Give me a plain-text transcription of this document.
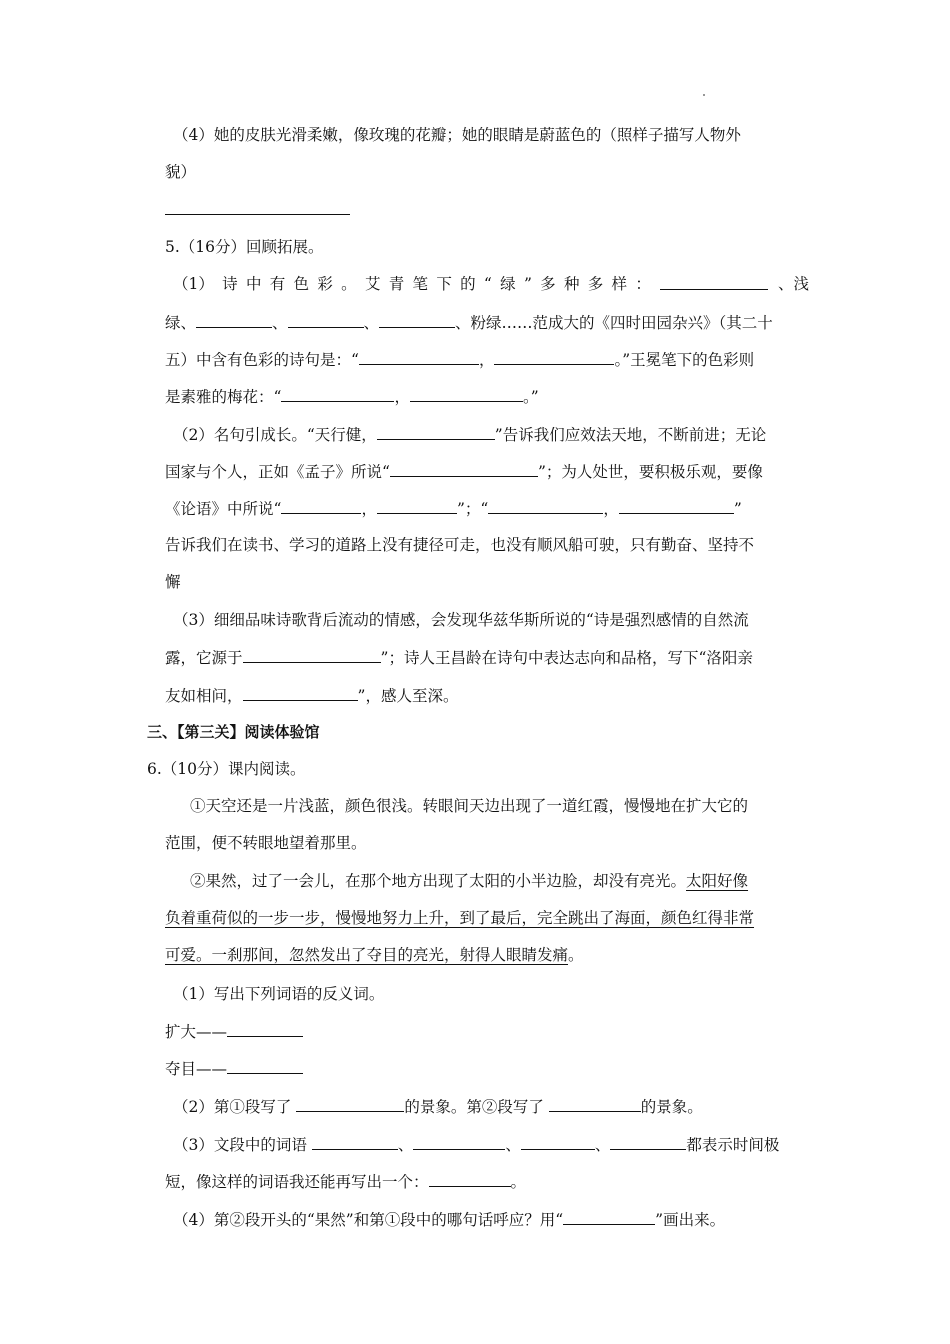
（4）她的皮肤光滑柔嫩，像玫瑰的花瓣；她的眼睛是蔚蓝色的（照样子描写人物外
貌）
5.（16分）回顾拓展。
（1） 诗 中 有 色 彩 。 艾 青 笔 下 的 “ 绿 ” 多 种 多 样 ：	、浅
绿、	、	、	、粉绿……范成大的《四时田园杂兴》（其二十
五）中含有色彩的诗句是：“	，	。”王冕笔下的色彩则
是素雅的梅花：“	，	。”
（2）名句引成长。“天行健，	”告诉我们应效法天地，不断前进；无论
国家与个人，正如《孟子》所说“	”；为人处世，要积极乐观，要像
《论语》中所说“	，	”；“	，	”
告诉我们在读书、学习的道路上没有捷径可走，也没有顺风船可驶，只有勤奋、坚持不
懈
（3）细细品味诗歌背后流动的情感，会发现华兹华斯所说的“诗是强烈感情的自然流
露，它源于	”；诗人王昌龄在诗句中表达志向和品格，写下“洛阳亲
友如相问，	”，感人至深。
三、【第三关】阅读体验馆
6.（10分）课内阅读。
①天空还是一片浅蓝，颜色很浅。转眼间天边出现了一道红霞，慢慢地在扩大它的
范围，便不转眼地望着那里。
②果然，过了一会儿，在那个地方出现了太阳的小半边脸，却没有亮光。太阳好像
负着重荷似的一步一步，慢慢地努力上升，到了最后，完全跳出了海面，颜色红得非常
可爱。一刹那间，忽然发出了夺目的亮光，射得人眼睛发痛。
（1）写出下列词语的反义词。
扩大——
夺目——
（2）第①段写了	的景象。第②段写了	的景象。
（3）文段中的词语	、	、	、	都表示时间极
短，像这样的词语我还能再写出一个：	。
（4）第②段开头的“果然”和第①段中的哪句话呼应？用“	”画出来。
